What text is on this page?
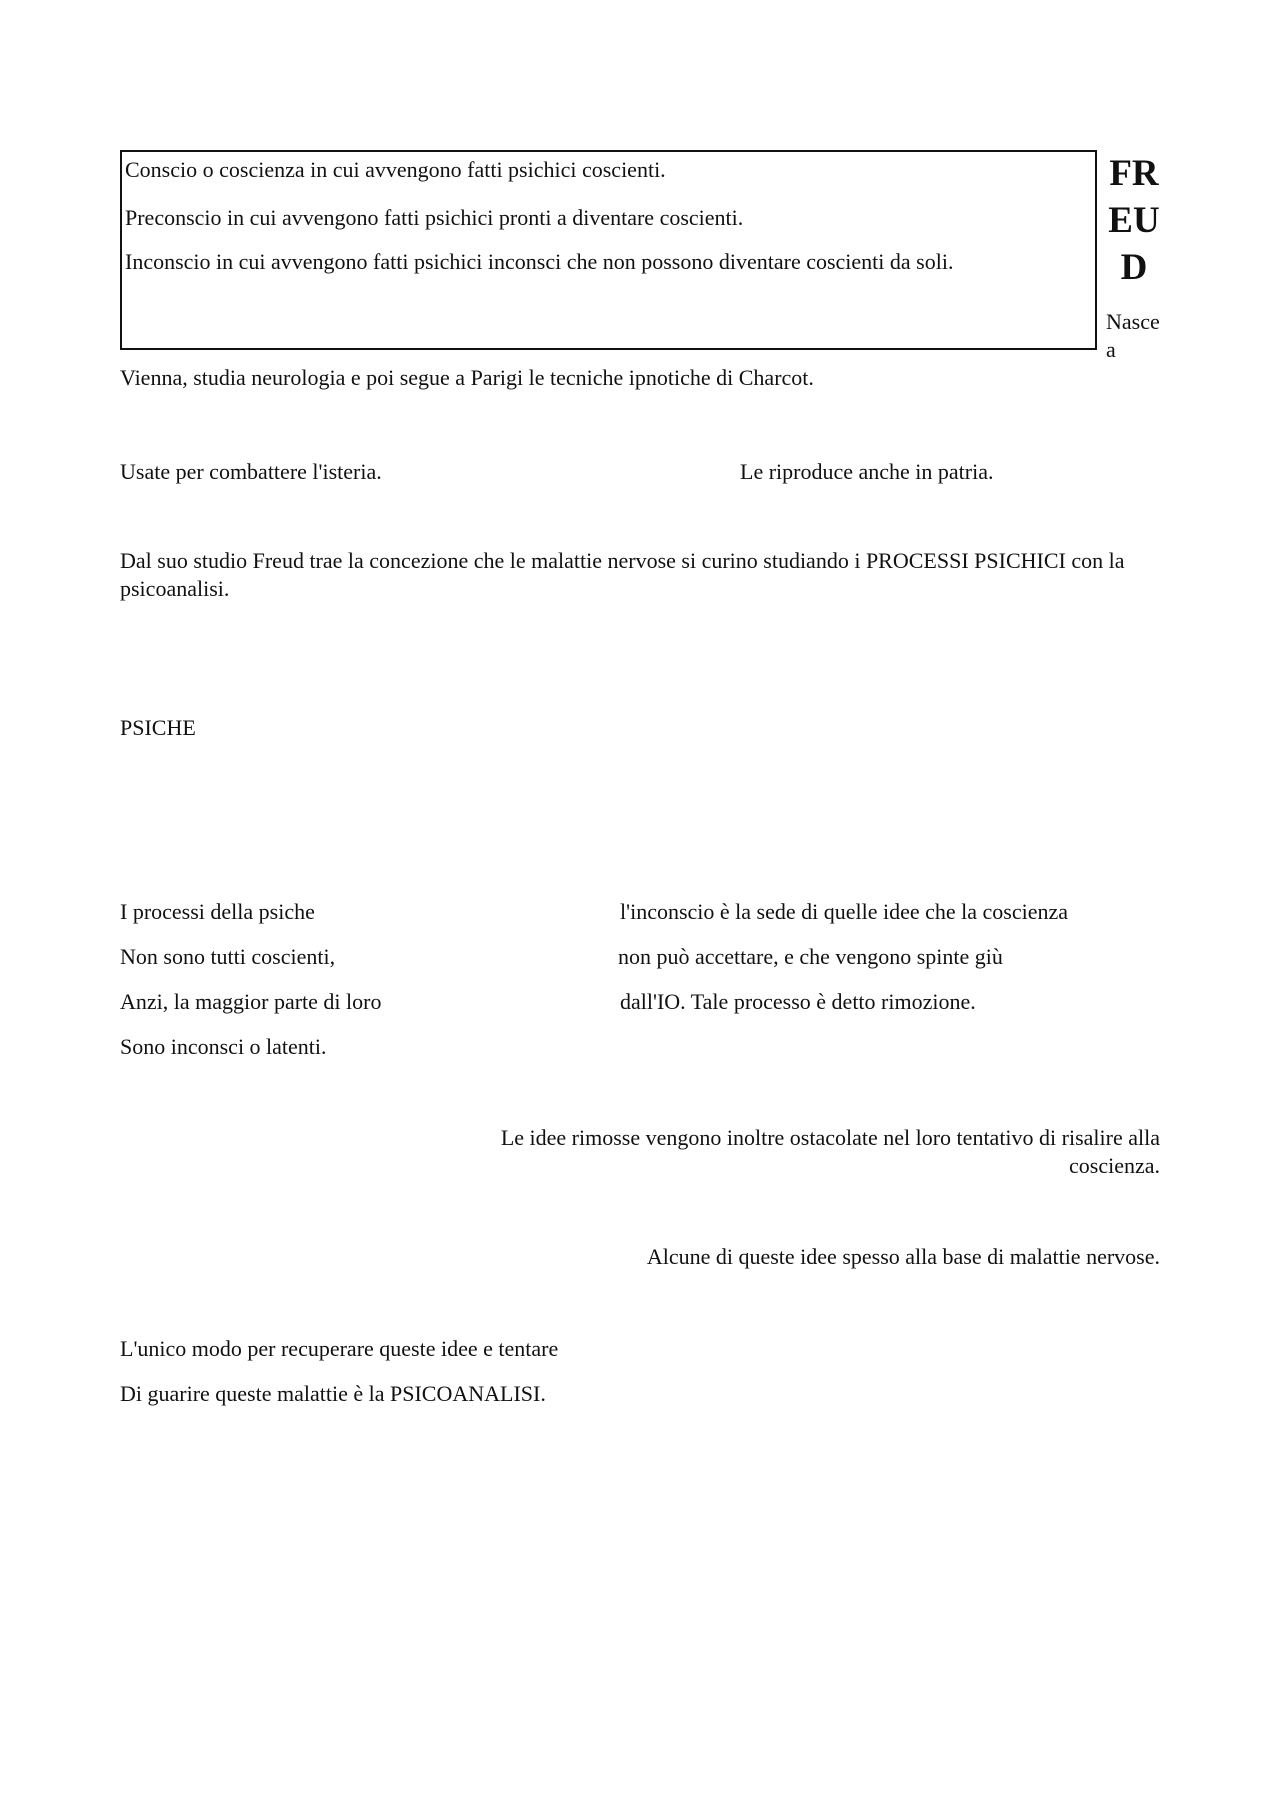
Conscio o coscienza in cui avvengono fatti psichici coscienti.

Preconscio in cui avvengono fatti psichici pronti a diventare coscienti.

Inconscio in cui avvengono fatti psichici inconsci che non possono diventare coscienti da soli.

FR
EU
D

Nasce a

Vienna, studia neurologia e poi segue a Parigi le tecniche ipnotiche di Charcot.

Usate per combattere l'isteria.	Le riproduce anche in patria.

Dal suo studio Freud trae la concezione che le malattie nervose si curino studiando i PROCESSI PSICHICI con la psicoanalisi.

PSICHE

I processi della psiche

Non sono tutti coscienti,

Anzi, la maggior parte di loro

Sono inconsci o latenti.

l'inconscio è la sede di quelle idee che la coscienza

non può accettare, e che vengono spinte giù

dall'IO. Tale processo è detto rimozione.

Le idee rimosse vengono inoltre ostacolate nel loro tentativo di risalire alla coscienza.

Alcune di queste idee spesso alla base di malattie nervose.

L'unico modo per recuperare queste idee e tentare

Di guarire queste malattie è la PSICOANALISI.
